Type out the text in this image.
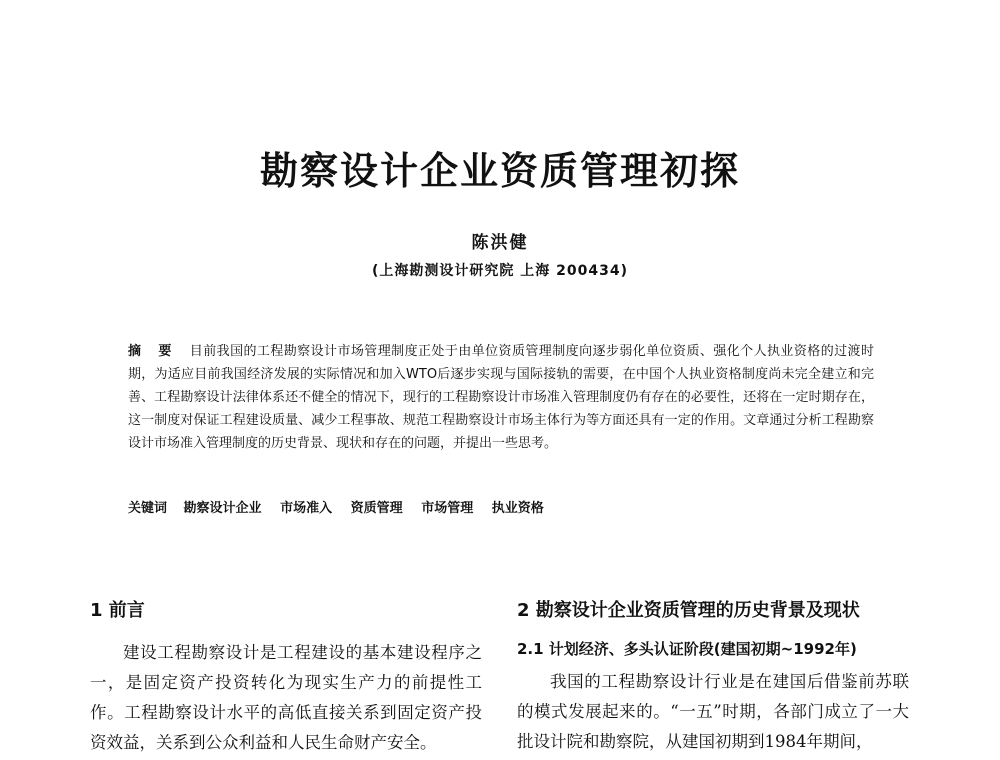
勘察设计企业资质管理初探
陈洪健
(上海勘测设计研究院 上海 200434)
摘 要 目前我国的工程勘察设计市场管理制度正处于由单位资质管理制度向逐步弱化单位资质、强化个人执业资格的过渡时期，为适应目前我国经济发展的实际情况和加入WTO后逐步实现与国际接轨的需要，在中国个人执业资格制度尚未完全建立和完善、工程勘察设计法律体系还不健全的情况下，现行的工程勘察设计市场准入管理制度仍有存在的必要性，还将在一定时期存在，这一制度对保证工程建设质量、减少工程事故、规范工程勘察设计市场主体行为等方面还具有一定的作用。文章通过分析工程勘察设计市场准入管理制度的历史背景、现状和存在的问题，并提出一些思考。
关键词 勘察设计企业 市场准入 资质管理 市场管理 执业资格
1 前言

建设工程勘察设计是工程建设的基本建设程序之一，是固定资产投资转化为现实生产力的前提性工作。工程勘察设计水平的高低直接关系到固定资产投资效益，关系到公众利益和人民生命财产安全。

2 勘察设计企业资质管理的历史背景及现状
2.1 计划经济、多头认证阶段(建国初期~1992年)

我国的工程勘察设计行业是在建国后借鉴前苏联的模式发展起来的。“一五”时期，各部门成立了一大批设计院和勘察院，从建国初期到1984年期间，
